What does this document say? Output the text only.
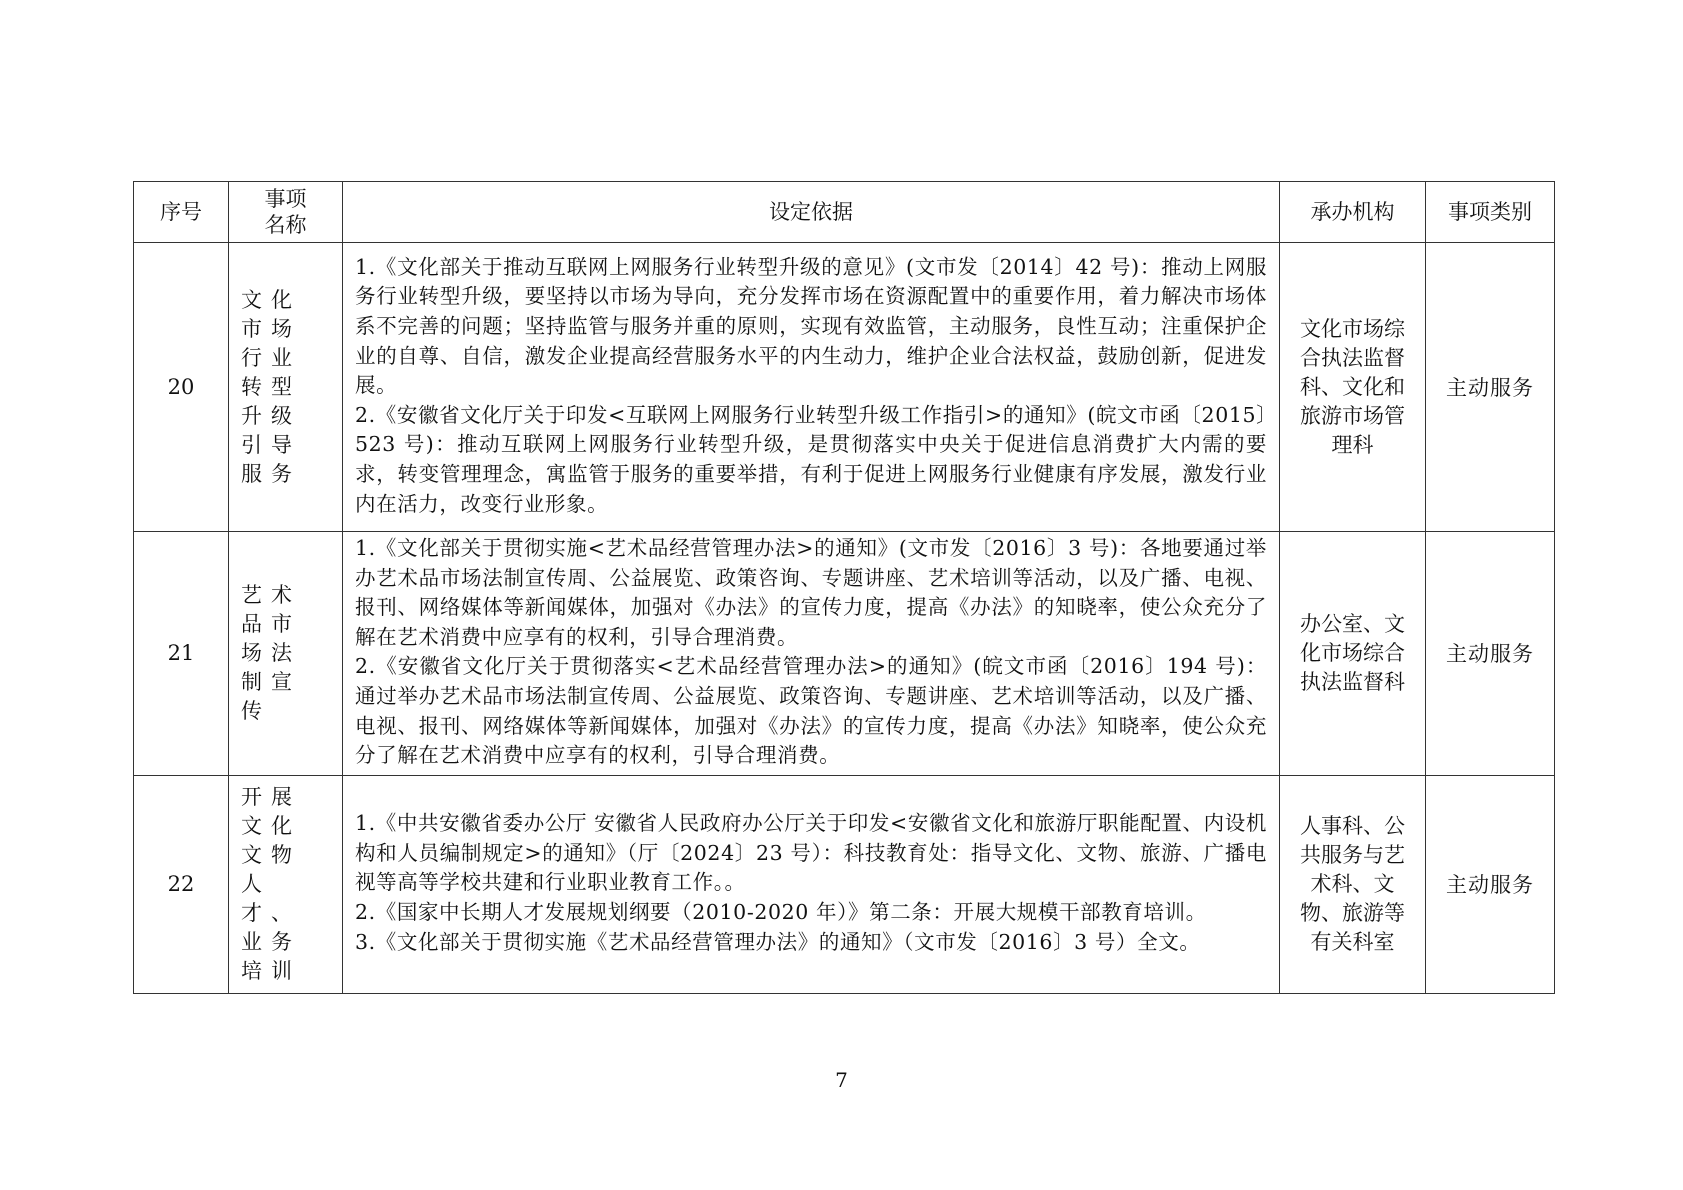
序号	事项名称	设定依据	承办机构	事项类别
20	文化市场行业转型升级引导服务	1.《文化部关于推动互联网上网服务行业转型升级的意见》(文市发〔2014〕42 号)：推动上网服务行业转型升级，要坚持以市场为导向，充分发挥市场在资源配置中的重要作用，着力解决市场体系不完善的问题；坚持监管与服务并重的原则，实现有效监管，主动服务，良性互动；注重保护企业的自尊、自信，激发企业提高经营服务水平的内生动力，维护企业合法权益，鼓励创新，促进发展。
2.《安徽省文化厅关于印发<互联网上网服务行业转型升级工作指引>的通知》(皖文市函〔2015〕523 号)：推动互联网上网服务行业转型升级，是贯彻落实中央关于促进信息消费扩大内需的要求，转变管理理念，寓监管于服务的重要举措，有利于促进上网服务行业健康有序发展，激发行业内在活力，改变行业形象。	文化市场综合执法监督科、文化和旅游市场管理科	主动服务
21	艺术品市场法制宣传	1.《文化部关于贯彻实施<艺术品经营管理办法>的通知》(文市发〔2016〕3 号)：各地要通过举办艺术品市场法制宣传周、公益展览、政策咨询、专题讲座、艺术培训等活动，以及广播、电视、报刊、网络媒体等新闻媒体，加强对《办法》的宣传力度，提高《办法》的知晓率，使公众充分了解在艺术消费中应享有的权利，引导合理消费。
2.《安徽省文化厅关于贯彻落实<艺术品经营管理办法>的通知》(皖文市函〔2016〕194 号)：通过举办艺术品市场法制宣传周、公益展览、政策咨询、专题讲座、艺术培训等活动，以及广播、电视、报刊、网络媒体等新闻媒体，加强对《办法》的宣传力度，提高《办法》知晓率，使公众充分了解在艺术消费中应享有的权利，引导合理消费。	办公室、文化市场综合执法监督科	主动服务
22	开展文化文物人才、业务培训	1.《中共安徽省委办公厅 安徽省人民政府办公厅关于印发<安徽省文化和旅游厅职能配置、内设机构和人员编制规定>的通知》（厅〔2024〕23 号）：科技教育处：指导文化、文物、旅游、广播电视等高等学校共建和行业职业教育工作。。
2.《国家中长期人才发展规划纲要（2010-2020 年）》第二条：开展大规模干部教育培训。
3.《文化部关于贯彻实施《艺术品经营管理办法》的通知》（文市发〔2016〕3 号）全文。	人事科、公共服务与艺术科、文物、旅游等有关科室	主动服务
7
